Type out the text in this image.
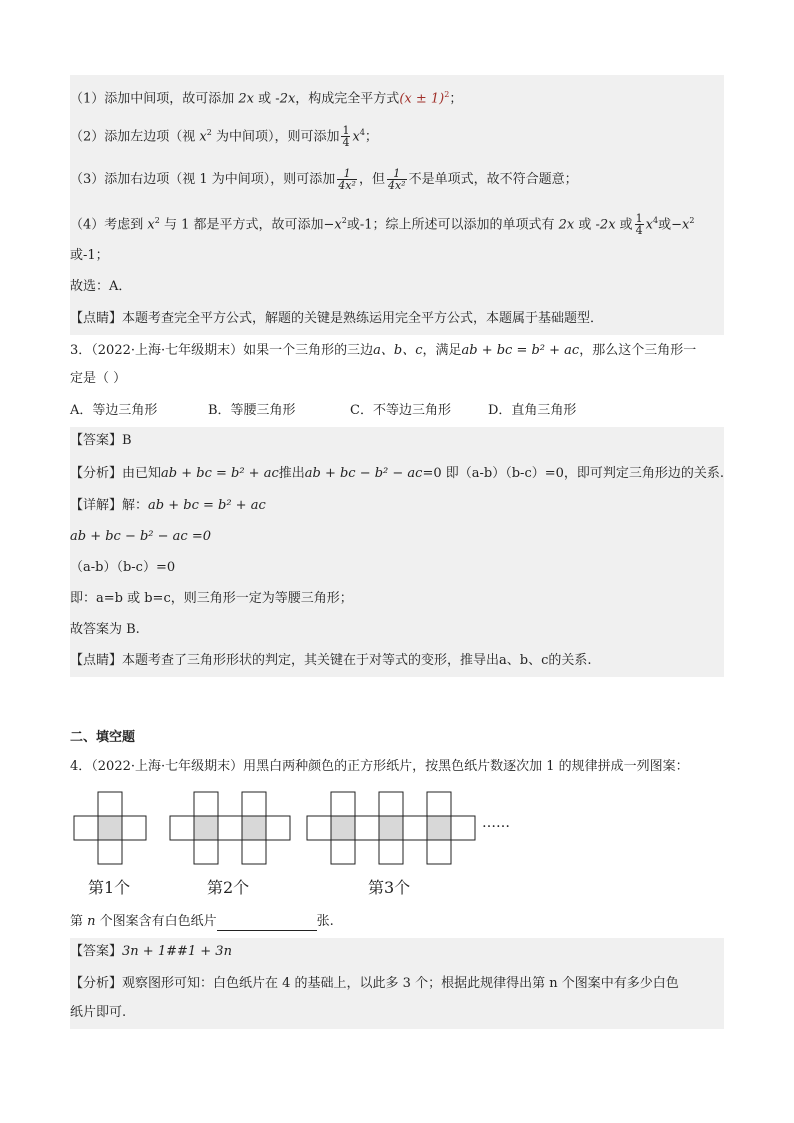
（1）添加中间项，故可添加 2x 或 -2x，构成完全平方式$(x \pm 1)^2$；
（2）添加左边项（视 $x^2$ 为中间项），则可添加 $\frac{1}{4} x^4$；
（3）添加右边项（视 1 为中间项），则可添加 $\frac{1}{\text{4x²}}$ ，但 $\frac{1}{\text{4x²}}$ 不是单项式，故不符合题意；
（4）考虑到 $x^2$ 与 1 都是平方式，故可添加$-x^2$或-1；综上所述可以添加的单项式有 2x 或 -2x 或 $\frac{1}{4} x^4$或$-x^2$
或-1；
故选：A．
【点睛】本题考查完全平方公式，解题的关键是熟练运用完全平方公式，本题属于基础题型．
3．（2022·上海·七年级期末）如果一个三角形的三边a、b、c，满足ab + bc = b² + ac，那么这个三角形一
定是（ ）
A．等边三角形	B．等腰三角形	C．不等边三角形	D．直角三角形
【答案】B
【分析】由已知ab + bc = b² + ac推出ab + bc − b² − ac=0 即（a-b）（b-c）=0，即可判定三角形边的关系.
【详解】解：ab + bc = b² + ac
ab + bc − b² − ac =0
（a-b）（b-c）=0
即：a=b 或 b=c，则三角形一定为等腰三角形；
故答案为 B.
【点睛】本题考查了三角形形状的判定，其关键在于对等式的变形，推导出a、b、c的关系.
二、填空题
4．（2022·上海·七年级期末）用黑白两种颜色的正方形纸片，按黑色纸片数逐次加 1 的规律拼成一列图案：
……
第1个	第2个	第3个
第 n 个图案含有白色纸片	张.
【答案】3n + 1##1 + 3n
【分析】观察图形可知：白色纸片在 4 的基础上，以此多 3 个；根据此规律得出第 n 个图案中有多少白色
纸片即可.
